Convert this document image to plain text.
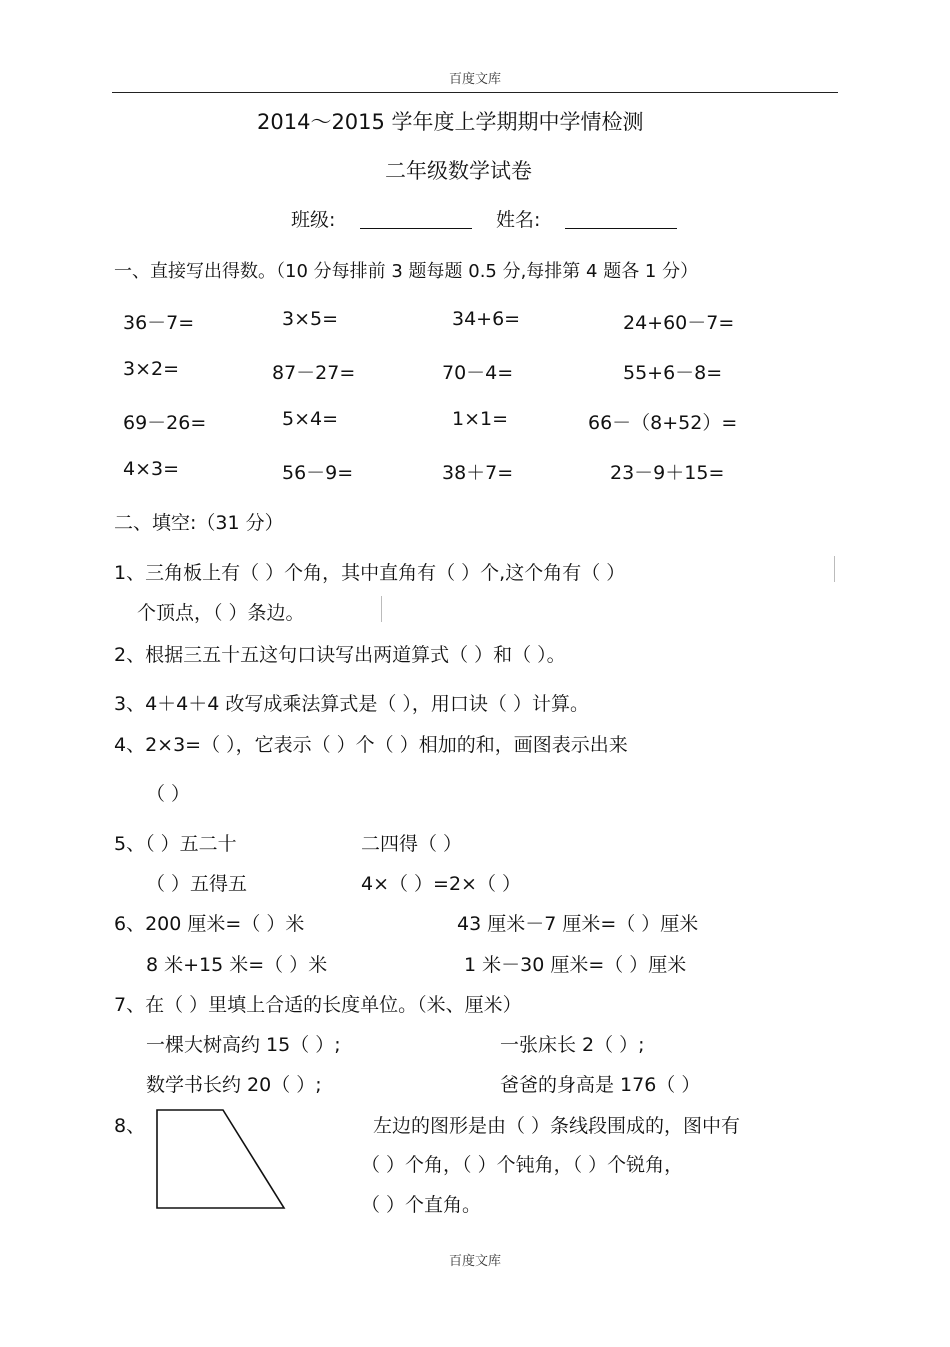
百度文库
2014～2015 学年度上学期期中学情检测
二年级数学试卷
班级:	姓名:
一、直接写出得数。（10 分每排前 3 题每题 0.5 分,每排第 4 题各 1 分）
36－7=	3×5=	34+6=	24+60－7=
3×2=	87－27=	70－4=	55+6－8=
69－26=	5×4=	1×1=	66－（8+52）=
4×3=	56－9=	38＋7=	23－9＋15=
二、填空:（31 分）
1、三角板上有（ ）个角，其中直角有（ ）个,这个角有（ ）
个顶点，（ ）条边。
2、根据三五十五这句口诀写出两道算式（ ）和（ ）。
3、4＋4＋4 改写成乘法算式是（ ），用口诀（ ）计算。
4、2×3=（ ），它表示（ ）个（ ）相加的和，画图表示出来
（ ）
5、（ ）五二十	二四得（ ）
（ ）五得五	4×（ ）=2×（ ）
6、200 厘米=（ ）米	43 厘米－7 厘米=（ ）厘米
8 米+15 米=（ ）米	1 米－30 厘米=（ ）厘米
7、在（ ）里填上合适的长度单位。（米、厘米）
一棵大树高约 15（ ）;	一张床长 2（ ）;
数学书长约 20（ ）;	爸爸的身高是 176（ ）
8、	左边的图形是由（ ）条线段围成的，图中有
（ ）个角，（ ）个钝角，（ ）个锐角，
（ ）个直角。
百度文库
